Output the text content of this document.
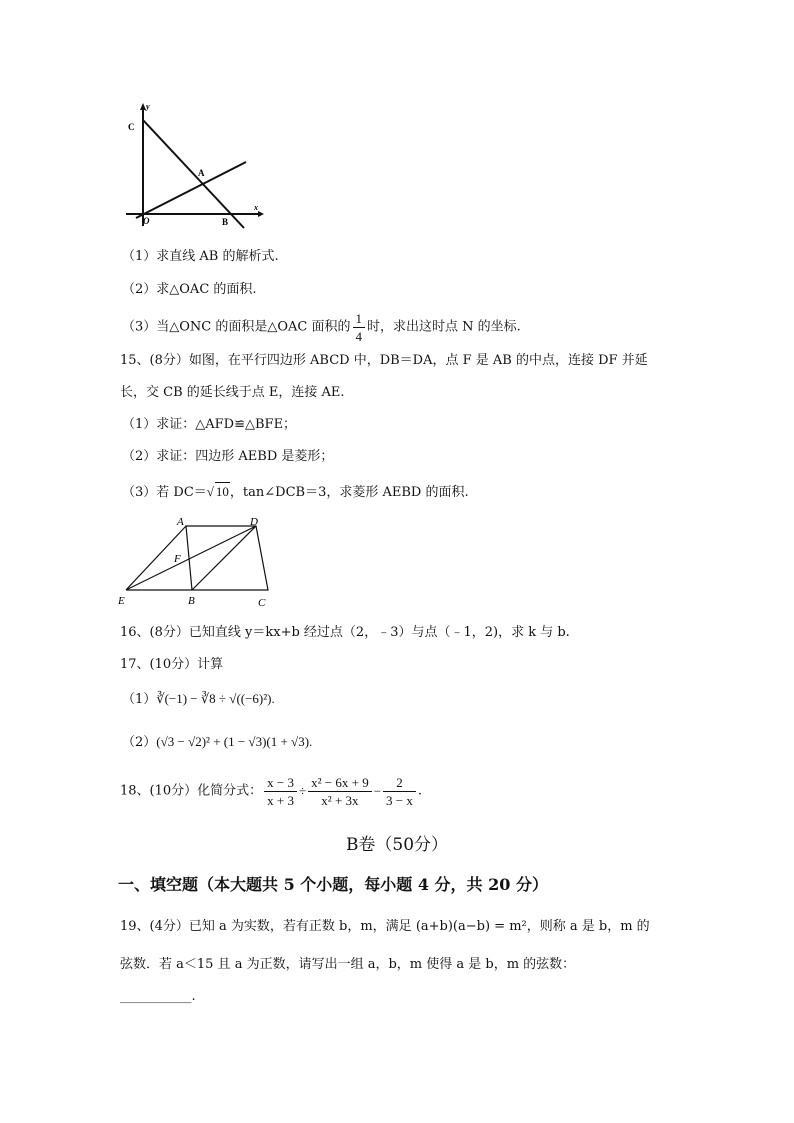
y
C
A
O	B
x
（1）求直线 AB 的解析式.
（2）求△OAC 的面积.
（3）当△ONC 的面积是△OAC 面积的 $\frac{1}{4}$ 时，求出这时点 N 的坐标.
15、(8分）如图，在平行四边形 ABCD 中，DB＝DA，点 F 是 AB 的中点，连接 DF 并延
长，交 CB 的延长线于点 E，连接 AE.
（1）求证：△AFD≌△BFE；
（2）求证：四边形 AEBD 是菱形；
（3）若 DC＝√ 10，tan∠DCB＝3，求菱形 AEBD 的面积.
A	D
F
E	B	C
16、(8分）已知直线 y＝kx+b 经过点（2，﹣3）与点（﹣1，2)，求 k 与 b.
17、(10分）计算
（1）∛(−1) − ∛8 ÷ √((−6)²).
（2）(√3 − √2)² + (1 − √3)(1 + √3).
18、(10分）化简分式： $\frac{x - 3}{x + 3} \div \frac{\text{x² − 6x + 9}}{\text{x² + 3x}} - \frac{2}{3 - x}$ .
B卷（50分）
一、填空题（本大题共 5 个小题，每小题 4 分，共 20 分）
19、(4分）已知 a 为实数，若有正数 b，m，满足 (a+b)(a−b) = m²，则称 a 是 b，m 的
弦数．若 a＜15 且 a 为正数，请写出一组 a，b，m 使得 a 是 b，m 的弦数：
___________.
